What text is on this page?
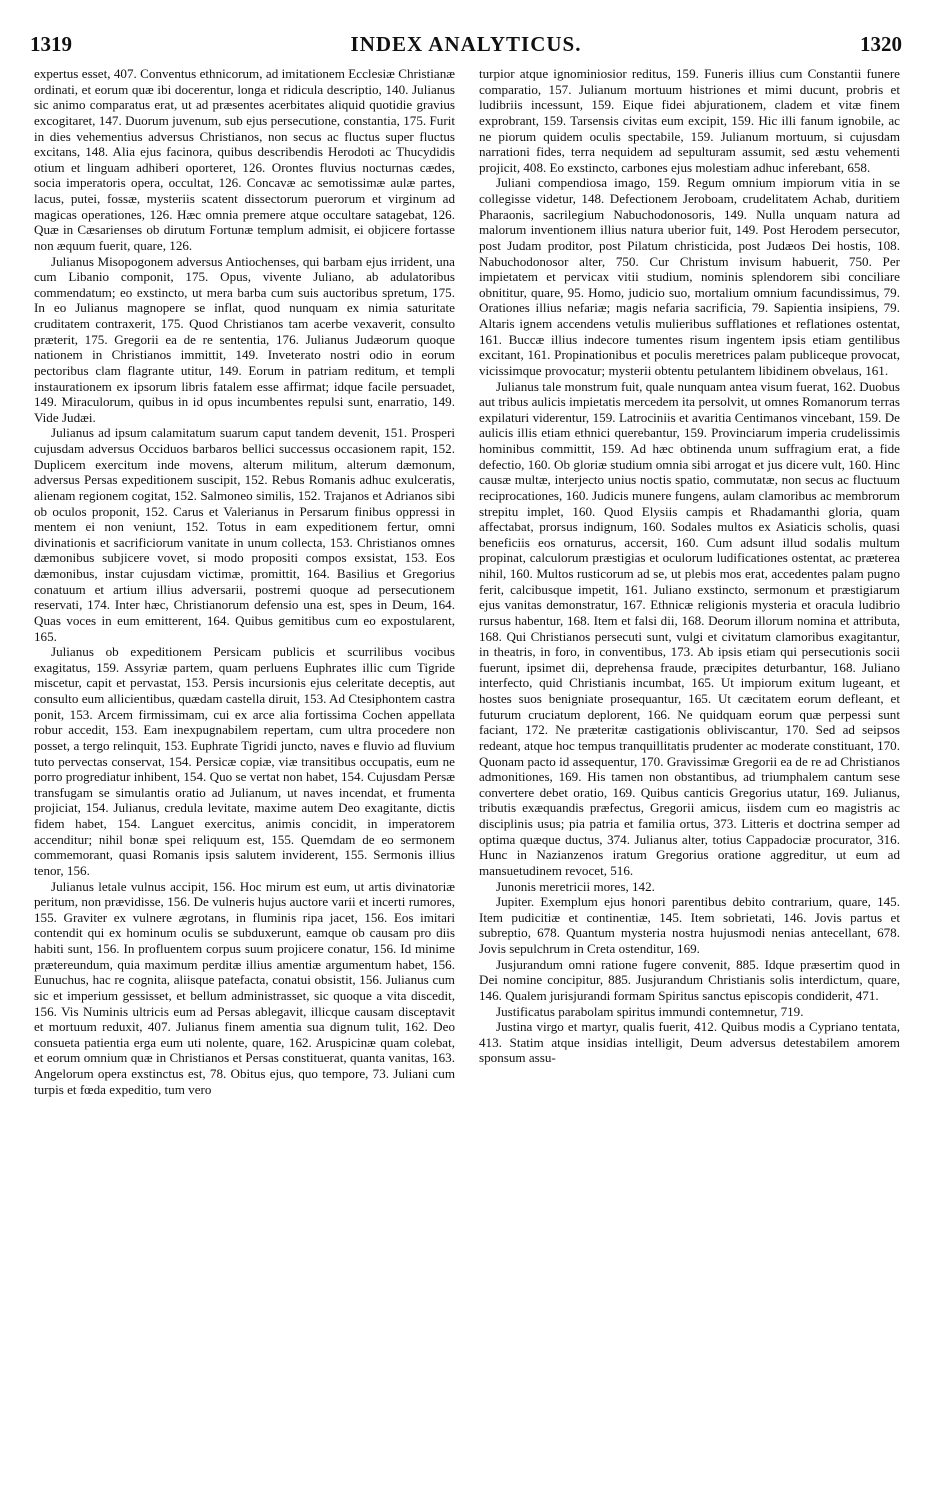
INDEX ANALYTICUS.
1319	1320

expertus esset, 407. Conventus ethnicorum, ad imitationem Ecclesiæ Christianæ ordinati, et eorum quæ ibi docerentur, longa et ridicula descriptio, 140. Julianus sic animo comparatus erat, ut ad præsentes acerbitates aliquid quotidie gravius excogitaret, 147. Duorum juvenum, sub ejus persecutione, constantia, 175. Furit in dies vehementius adversus Christianos, non secus ac fluctus super fluctus excitans, 148. Alia ejus facinora, quibus describendis Herodoti ac Thucydidis otium et linguam adhiberi oporteret, 126. Orontes fluvius nocturnas cædes, socia imperatoris opera, occultat, 126. Concavæ ac semotissimæ aulæ partes, lacus, putei, fossæ, mysteriis scatent dissectorum puerorum et virginum ad magicas operationes, 126. Hæc omnia premere atque occultare satagebat, 126. Quæ in Cæsarienses ob dirutum Fortunæ templum admisit, ei objicere fortasse non æquum fuerit, quare, 126.

Julianus Misopogonem adversus Antiochenses, qui barbam ejus irrident, una cum Libanio componit, 175. Opus, vivente Juliano, ab adulatoribus commendatum; eo exstincto, ut mera barba cum suis auctoribus spretum, 175. In eo Julianus magnopere se inflat, quod nunquam ex nimia saturitate cruditatem contraxerit, 175. Quod Christianos tam acerbe vexaverit, consulto præterit, 175. Gregorii ea de re sententia, 176. Julianus Judæorum quoque nationem in Christianos immittit, 149. Inveterato nostri odio in eorum pectoribus clam flagrante utitur, 149. Eorum in patriam reditum, et templi instaurationem ex ipsorum libris fatalem esse affirmat; idque facile persuadet, 149. Miraculorum, quibus in id opus incumbentes repulsi sunt, enarratio, 149. Vide Judæi.

Julianus ad ipsum calamitatum suarum caput tandem devenit, 151. Prosperi cujusdam adversus Occiduos barbaros bellici successus occasionem rapit, 152. Duplicem exercitum inde movens, alterum militum, alterum dæmonum, adversus Persas expeditionem suscipit, 152. Rebus Romanis adhuc exulceratis, alienam regionem cogitat, 152. Salmoneo similis, 152. Trajanos et Adrianos sibi ob oculos proponit, 152. Carus et Valerianus in Persarum finibus oppressi in mentem ei non veniunt, 152. Totus in eam expeditionem fertur, omni divinationis et sacrificiorum vanitate in unum collecta, 153. Christianos omnes dæmonibus subjicere vovet, si modo propositi compos exsistat, 153. Eos dæmonibus, instar cujusdam victimæ, promittit, 164. Basilius et Gregorius conatuum et artium illius adversarii, postremi quoque ad persecutionem reservati, 174. Inter hæc, Christianorum defensio una est, spes in Deum, 164. Quas voces in eum emitterent, 164. Quibus gemitibus cum eo expostularent, 165.

Julianus ob expeditionem Persicam publicis et scurrilibus vocibus exagitatus, 159. Assyriæ partem, quam perluens Euphrates illic cum Tigride miscetur, capit et pervastat, 153. Persis incursionis ejus celeritate deceptis, aut consulto eum allicientibus, quædam castella diruit, 153. Ad Ctesiphontem castra ponit, 153. Arcem firmissimam, cui ex arce alia fortissima Cochen appellata robur accedit, 153. Eam inexpugnabilem repertam, cum ultra procedere non posset, a tergo relinquit, 153. Euphrate Tigridi juncto, naves e fluvio ad fluvium tuto pervectas conservat, 154. Persicæ copiæ, viæ transitibus occupatis, eum ne porro progrediatur inhibent, 154. Quo se vertat non habet, 154. Cujusdam Persæ transfugam se simulantis oratio ad Julianum, ut naves incendat, et frumenta projiciat, 154. Julianus, credula levitate, maxime autem Deo exagitante, dictis fidem habet, 154. Languet exercitus, animis concidit, in imperatorem accenditur; nihil bonæ spei reliquum est, 155. Quemdam de eo sermonem commemorant, quasi Romanis ipsis salutem inviderent, 155. Sermonis illius tenor, 156.

Julianus letale vulnus accipit, 156. Hoc mirum est eum, ut artis divinatoriæ peritum, non prævidisse, 156. De vulneris hujus auctore varii et incerti rumores, 155. Graviter ex vulnere ægrotans, in fluminis ripa jacet, 156. Eos imitari contendit qui ex hominum oculis se subduxerunt, eamque ob causam pro diis habiti sunt, 156. In profluentem corpus suum projicere conatur, 156. Id minime prætereundum, quia maximum perditæ illius amentiæ argumentum habet, 156. Eunuchus, hac re cognita, aliisque patefacta, conatui obsistit, 156. Julianus cum sic et imperium gessisset, et bellum administrasset, sic quoque a vita discedit, 156. Vis Numinis ultricis eum ad Persas ablegavit, illicque causam disceptavit et mortuum reduxit, 407. Julianus finem amentia sua dignum tulit, 162. Deo consueta patientia erga eum uti nolente, quare, 162. Aruspicinæ quam colebat, et eorum omnium quæ in Christianos et Persas constituerat, quanta vanitas, 163. Angelorum opera exstinctus est, 78. Obitus ejus, quo tempore, 73. Juliani cum turpis et fœda expeditio, tum vero

turpior atque ignominiosior reditus, 159. Funeris illius cum Constantii funere comparatio, 157. Julianum mortuum histriones et mimi ducunt, probris et ludibriis incessunt, 159. Eique fidei abjurationem, cladem et vitæ finem exprobrant, 159. Tarsensis civitas eum excipit, 159. Hic illi fanum ignobile, ac ne piorum quidem oculis spectabile, 159. Julianum mortuum, si cujusdam narrationi fides, terra nequidem ad sepulturam assumit, sed æstu vehementi projicit, 408. Eo exstincto, carbones ejus molestiam adhuc inferebant, 658.

Juliani compendiosa imago, 159. Regum omnium impiorum vitia in se collegisse videtur, 148. Defectionem Jeroboam, crudelitatem Achab, duritiem Pharaonis, sacrilegium Nabuchodonosoris, 149. Nulla unquam natura ad malorum inventionem illius natura uberior fuit, 149. Post Herodem persecutor, post Judam proditor, post Pilatum christicida, post Judæos Dei hostis, 108. Nabuchodonosor alter, 750. Cur Christum invisum habuerit, 750. Per impietatem et pervicax vitii studium, nominis splendorem sibi conciliare obnititur, quare, 95. Homo, judicio suo, mortalium omnium facundissimus, 79. Orationes illius nefariæ; magis nefaria sacrificia, 79. Sapientia insipiens, 79. Altaris ignem accendens vetulis mulieribus sufflationes et reflationes ostentat, 161. Buccæ illius indecore tumentes risum ingentem ipsis etiam gentilibus excitant, 161. Propinationibus et poculis meretrices palam publiceque provocat, vicissimque provocatur; mysterii obtentu petulantem libidinem obvelaus, 161.

Julianus tale monstrum fuit, quale nunquam antea visum fuerat, 162. Duobus aut tribus aulicis impietatis mercedem ita persolvit, ut omnes Romanorum terras expilaturi viderentur, 159. Latrociniis et avaritia Centimanos vincebant, 159. De aulicis illis etiam ethnici querebantur, 159. Provinciarum imperia crudelissimis hominibus committit, 159. Ad hæc obtinenda unum suffragium erat, a fide defectio, 160. Ob gloriæ studium omnia sibi arrogat et jus dicere vult, 160. Hinc causæ multæ, interjecto unius noctis spatio, commutatæ, non secus ac fluctuum reciprocationes, 160. Judicis munere fungens, aulam clamoribus ac membrorum strepitu implet, 160. Quod Elysiis campis et Rhadamanthi gloria, quam affectabat, prorsus indignum, 160. Sodales multos ex Asiaticis scholis, quasi beneficiis eos ornaturus, accersit, 160. Cum adsunt illud sodalis multum propinat, calculorum præstigias et oculorum ludificationes ostentat, ac præterea nihil, 160. Multos rusticorum ad se, ut plebis mos erat, accedentes palam pugno ferit, calcibusque impetit, 161. Juliano exstincto, sermonum et præstigiarum ejus vanitas demonstratur, 167. Ethnicæ religionis mysteria et oracula ludibrio rursus habentur, 168. Item et falsi dii, 168. Deorum illorum nomina et attributa, 168. Qui Christianos persecuti sunt, vulgi et civitatum clamoribus exagitantur, in theatris, in foro, in conventibus, 173. Ab ipsis etiam qui persecutionis socii fuerunt, ipsimet dii, deprehensa fraude, præcipites deturbantur, 168. Juliano interfecto, quid Christianis incumbat, 165. Ut impiorum exitum lugeant, et hostes suos benigniate prosequantur, 165. Ut cæcitatem eorum defleant, et futurum cruciatum deplorent, 166. Ne quidquam eorum quæ perpessi sunt faciant, 172. Ne præteritæ castigationis obliviscantur, 170. Sed ad seipsos redeant, atque hoc tempus tranquillitatis prudenter ac moderate constituant, 170. Quonam pacto id assequentur, 170. Gravissimæ Gregorii ea de re ad Christianos admonitiones, 169. His tamen non obstantibus, ad triumphalem cantum sese convertere debet oratio, 169. Quibus canticis Gregorius utatur, 169. Julianus, tributis exæquandis præfectus, Gregorii amicus, iisdem cum eo magistris ac disciplinis usus; pia patria et familia ortus, 373. Litteris et doctrina semper ad optima quæque ductus, 374. Julianus alter, totius Cappadociæ procurator, 316. Hunc in Nazianzenos iratum Gregorius oratione aggreditur, ut eum ad mansuetudinem revocet, 516.

Junonis meretricii mores, 142.

Jupiter. Exemplum ejus honori parentibus debito contrarium, quare, 145. Item pudicitiæ et continentiæ, 145. Item sobrietati, 146. Jovis partus et subreptio, 678. Quantum mysteria nostra hujusmodi nenias antecellant, 678. Jovis sepulchrum in Creta ostenditur, 169.

Jusjurandum omni ratione fugere convenit, 885. Idque præsertim quod in Dei nomine concipitur, 885. Jusjurandum Christianis solis interdictum, quare, 146. Qualem jurisjurandi formam Spiritus sanctus episcopis condiderit, 471.

Justificatus parabolam spiritus immundi contemnetur, 719.

Justina virgo et martyr, qualis fuerit, 412. Quibus modis a Cypriano tentata, 413. Statim atque insidias intelligit, Deum adversus detestabilem amorem sponsum assu-
